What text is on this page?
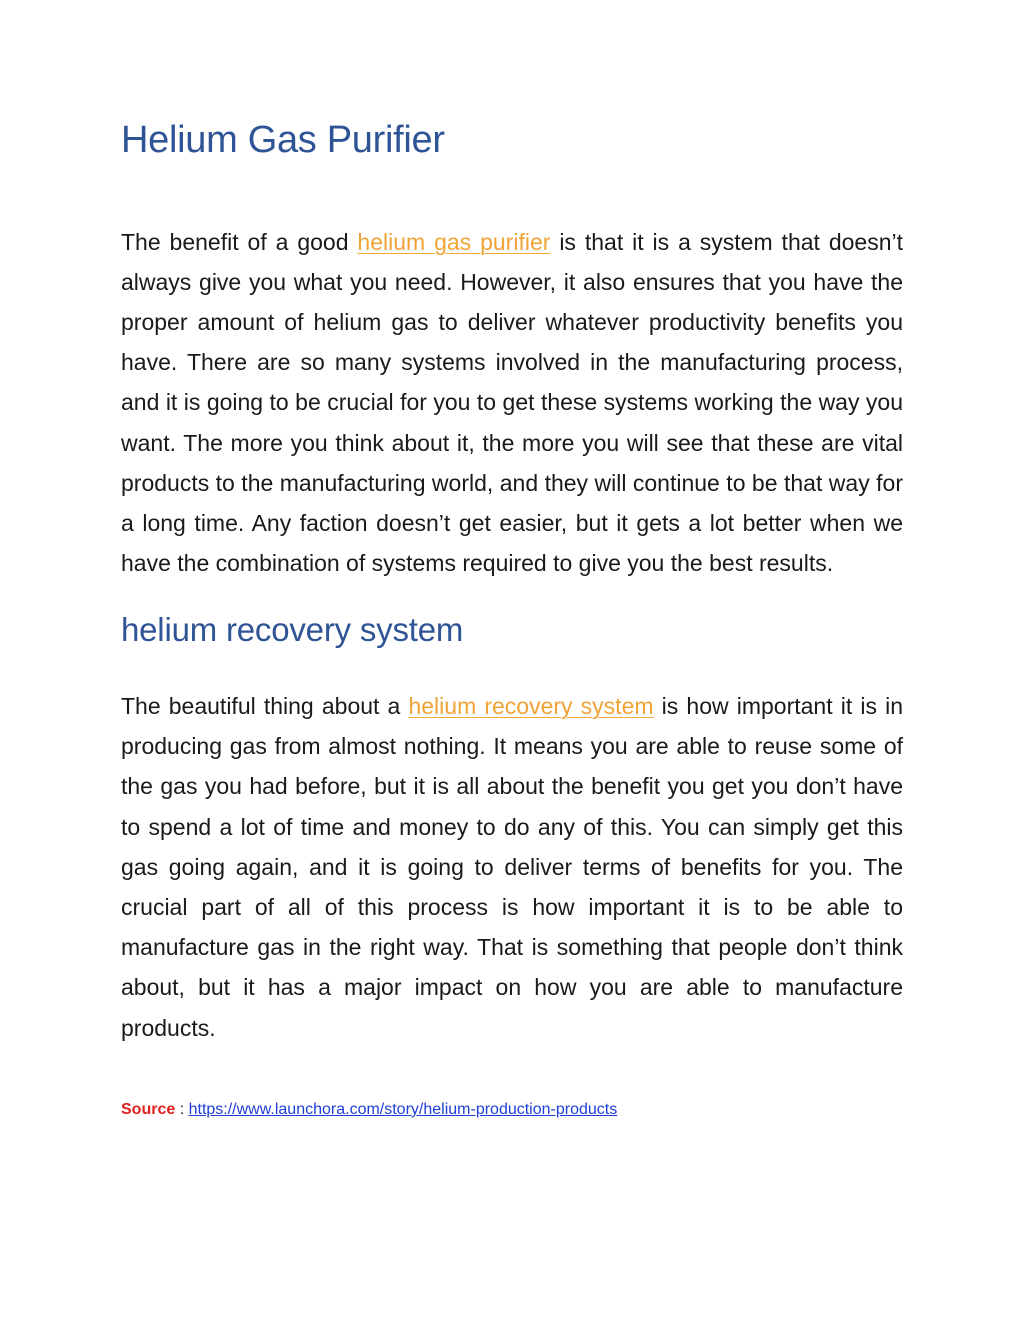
Helium Gas Purifier

The benefit of a good helium gas purifier is that it is a system that doesn’t always give you what you need. However, it also ensures that you have the proper amount of helium gas to deliver whatever productivity benefits you have. There are so many systems involved in the manufacturing process, and it is going to be crucial for you to get these systems working the way you want. The more you think about it, the more you will see that these are vital products to the manufacturing world, and they will continue to be that way for a long time. Any faction doesn’t get easier, but it gets a lot better when we have the combination of systems required to give you the best results.

helium recovery system

The beautiful thing about a helium recovery system is how important it is in producing gas from almost nothing. It means you are able to reuse some of the gas you had before, but it is all about the benefit you get you don’t have to spend a lot of time and money to do any of this. You can simply get this gas going again, and it is going to deliver terms of benefits for you. The crucial part of all of this process is how important it is to be able to manufacture gas in the right way. That is something that people don’t think about, but it has a major impact on how you are able to manufacture products.

Source : https://www.launchora.com/story/helium-production-products
